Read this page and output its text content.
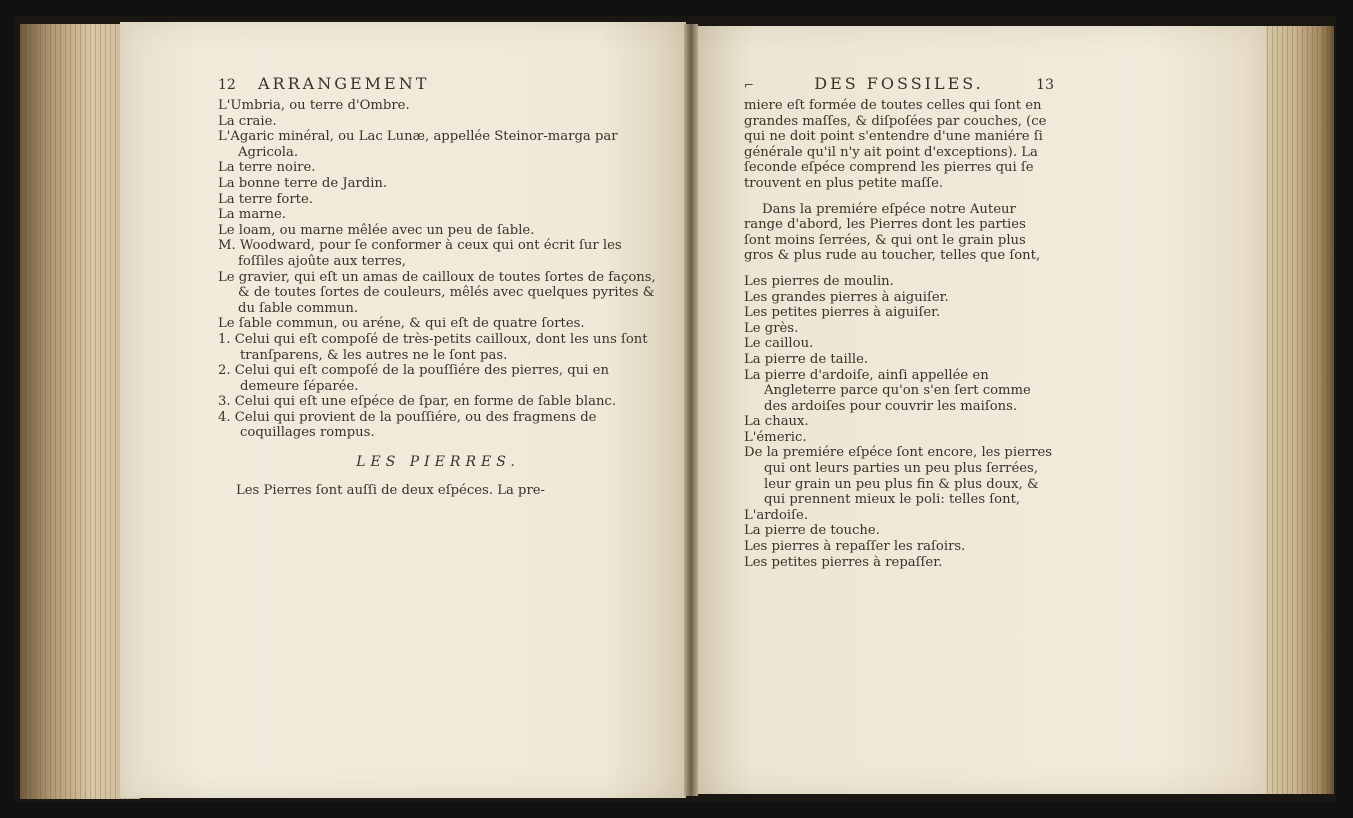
12	ARRANGEMENT

L'Umbria, ou terre d'Ombre.

La craie.

L'Agaric minéral, ou Lac Lunæ, appellée Steinor-marga par Agricola.

La terre noire.

La bonne terre de Jardin.

La terre forte.

La marne.

Le loam, ou marne mêlée avec un peu de ſable.

M. Woodward, pour ſe conformer à ceux qui ont écrit ſur les foſſiles ajoûte aux terres,

Le gravier, qui eſt un amas de cailloux de toutes ſortes de façons, & de toutes ſortes de couleurs, mêlés avec quelques pyrites & du ſable commun.

Le ſable commun, ou aréne, & qui eſt de quatre ſortes.

1. Celui qui eſt compoſé de très-petits cailloux, dont les uns ſont tranſparens, & les autres ne le ſont pas.

2. Celui qui eſt compoſé de la pouſſiére des pierres, qui en demeure ſéparée.

3. Celui qui eſt une eſpéce de ſpar, en forme de ſable blanc.

4. Celui qui provient de la pouſſiére, ou des fragmens de coquillages rompus.

LES PIERRES.

Les Pierres ſont auſſi de deux eſpéces. La pre-

⌐	DES FOSSILES.	13

miere eſt formée de toutes celles qui ſont en grandes maſſes, & diſpoſées par couches, (ce qui ne doit point s'entendre d'une maniére ſi générale qu'il n'y ait point d'exceptions). La ſeconde eſpéce comprend les pierres qui ſe trouvent en plus petite maſſe.

Dans la premiére eſpéce notre Auteur range d'abord, les Pierres dont les parties ſont moins ſerrées, & qui ont le grain plus gros & plus rude au toucher, telles que ſont,

Les pierres de moulin.

Les grandes pierres à aiguiſer.

Les petites pierres à aiguiſer.

Le grès.

Le caillou.

La pierre de taille.

La pierre d'ardoiſe, ainſi appellée en Angleterre parce qu'on s'en ſert comme des ardoiſes pour couvrir les maiſons.

La chaux.

L'émeric.

De la premiére eſpéce ſont encore, les pierres qui ont leurs parties un peu plus ſerrées, leur grain un peu plus fin & plus doux, & qui prennent mieux le poli: telles ſont,

L'ardoiſe.

La pierre de touche.

Les pierres à repaſſer les raſoirs.

Les petites pierres à repaſſer.
